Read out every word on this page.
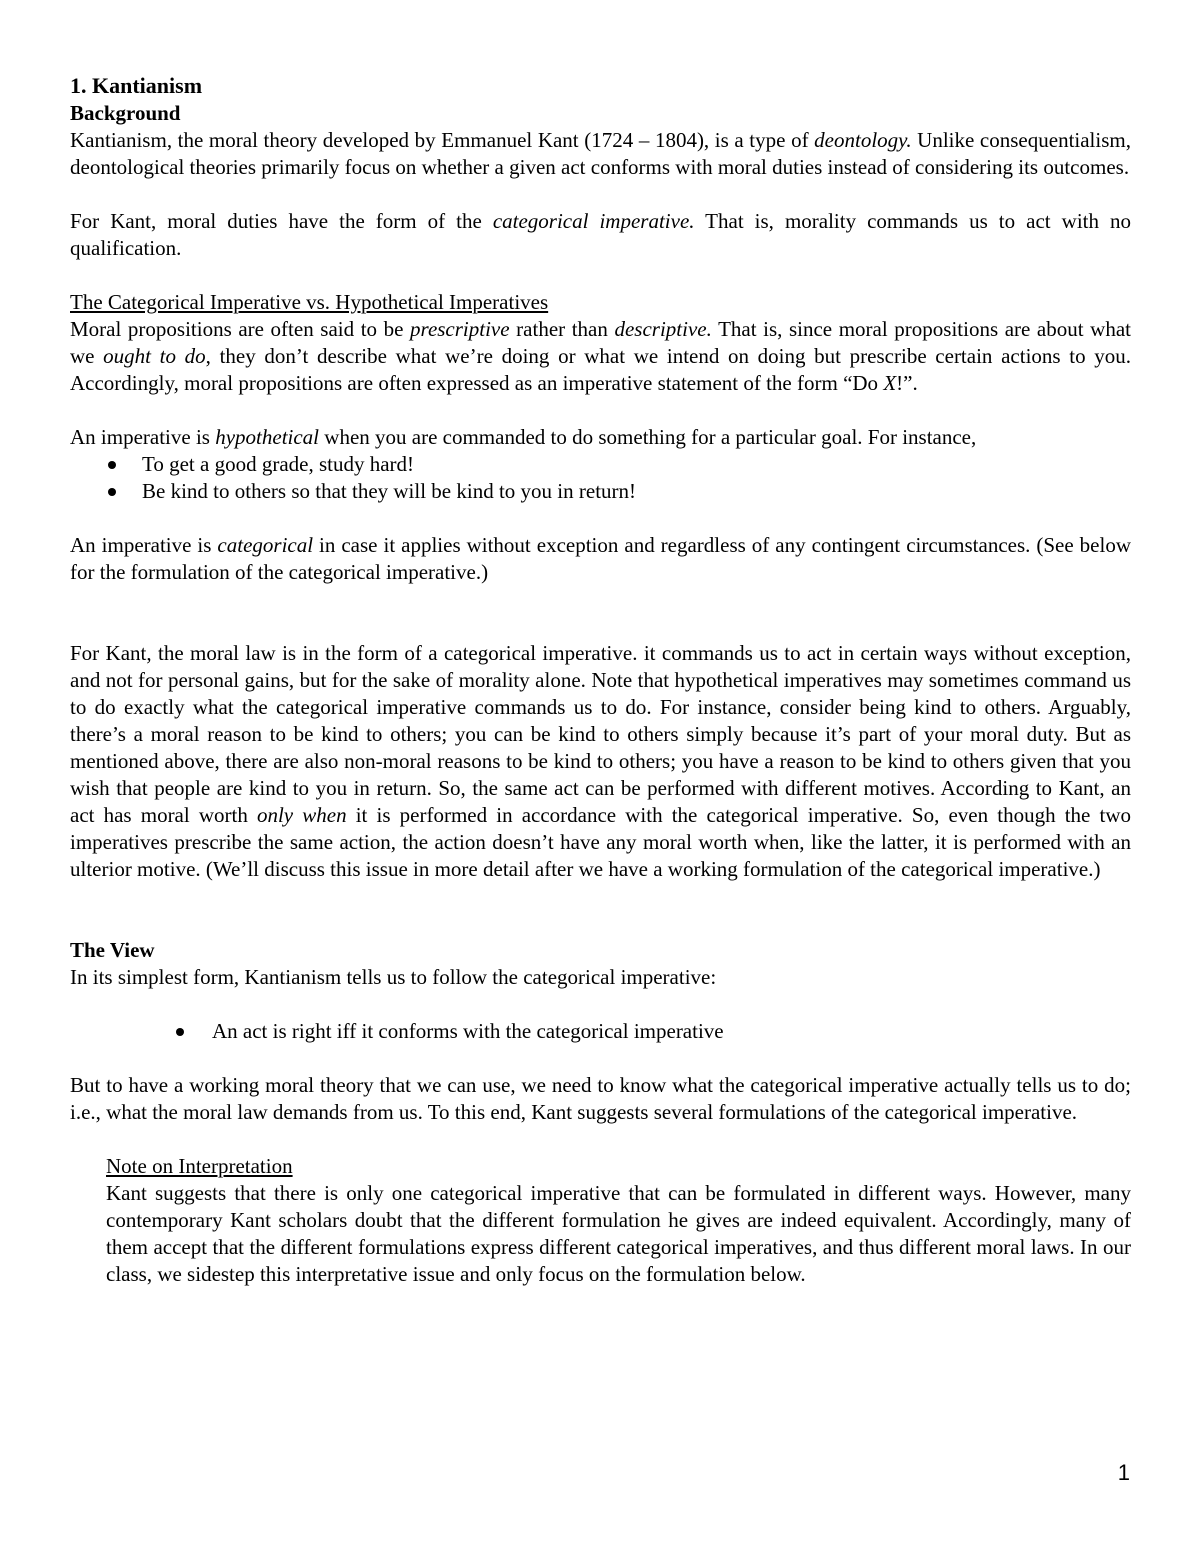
1. Kantianism

Background

Kantianism, the moral theory developed by Emmanuel Kant (1724 – 1804), is a type of deontology. Unlike consequentialism, deontological theories primarily focus on whether a given act conforms with moral duties instead of considering its outcomes.

For Kant, moral duties have the form of the categorical imperative. That is, morality commands us to act with no qualification.

The Categorical Imperative vs. Hypothetical Imperatives

Moral propositions are often said to be prescriptive rather than descriptive. That is, since moral propositions are about what we ought to do, they don’t describe what we’re doing or what we intend on doing but prescribe certain actions to you. Accordingly, moral propositions are often expressed as an imperative statement of the form “Do X!”.

An imperative is hypothetical when you are commanded to do something for a particular goal. For instance,

To get a good grade, study hard!
Be kind to others so that they will be kind to you in return!

An imperative is categorical in case it applies without exception and regardless of any contingent circumstances. (See below for the formulation of the categorical imperative.)

For Kant, the moral law is in the form of a categorical imperative. it commands us to act in certain ways without exception, and not for personal gains, but for the sake of morality alone. Note that hypothetical imperatives may sometimes command us to do exactly what the categorical imperative commands us to do. For instance, consider being kind to others. Arguably, there’s a moral reason to be kind to others; you can be kind to others simply because it’s part of your moral duty. But as mentioned above, there are also non-moral reasons to be kind to others; you have a reason to be kind to others given that you wish that people are kind to you in return. So, the same act can be performed with different motives. According to Kant, an act has moral worth only when it is performed in accordance with the categorical imperative. So, even though the two imperatives prescribe the same action, the action doesn’t have any moral worth when, like the latter, it is performed with an ulterior motive. (We’ll discuss this issue in more detail after we have a working formulation of the categorical imperative.)

The View

In its simplest form, Kantianism tells us to follow the categorical imperative:

An act is right iff it conforms with the categorical imperative

But to have a working moral theory that we can use, we need to know what the categorical imperative actually tells us to do; i.e., what the moral law demands from us. To this end, Kant suggests several formulations of the categorical imperative.

Note on Interpretation

Kant suggests that there is only one categorical imperative that can be formulated in different ways. However, many contemporary Kant scholars doubt that the different formulation he gives are indeed equivalent. Accordingly, many of them accept that the different formulations express different categorical imperatives, and thus different moral laws. In our class, we sidestep this interpretative issue and only focus on the formulation below.

1
